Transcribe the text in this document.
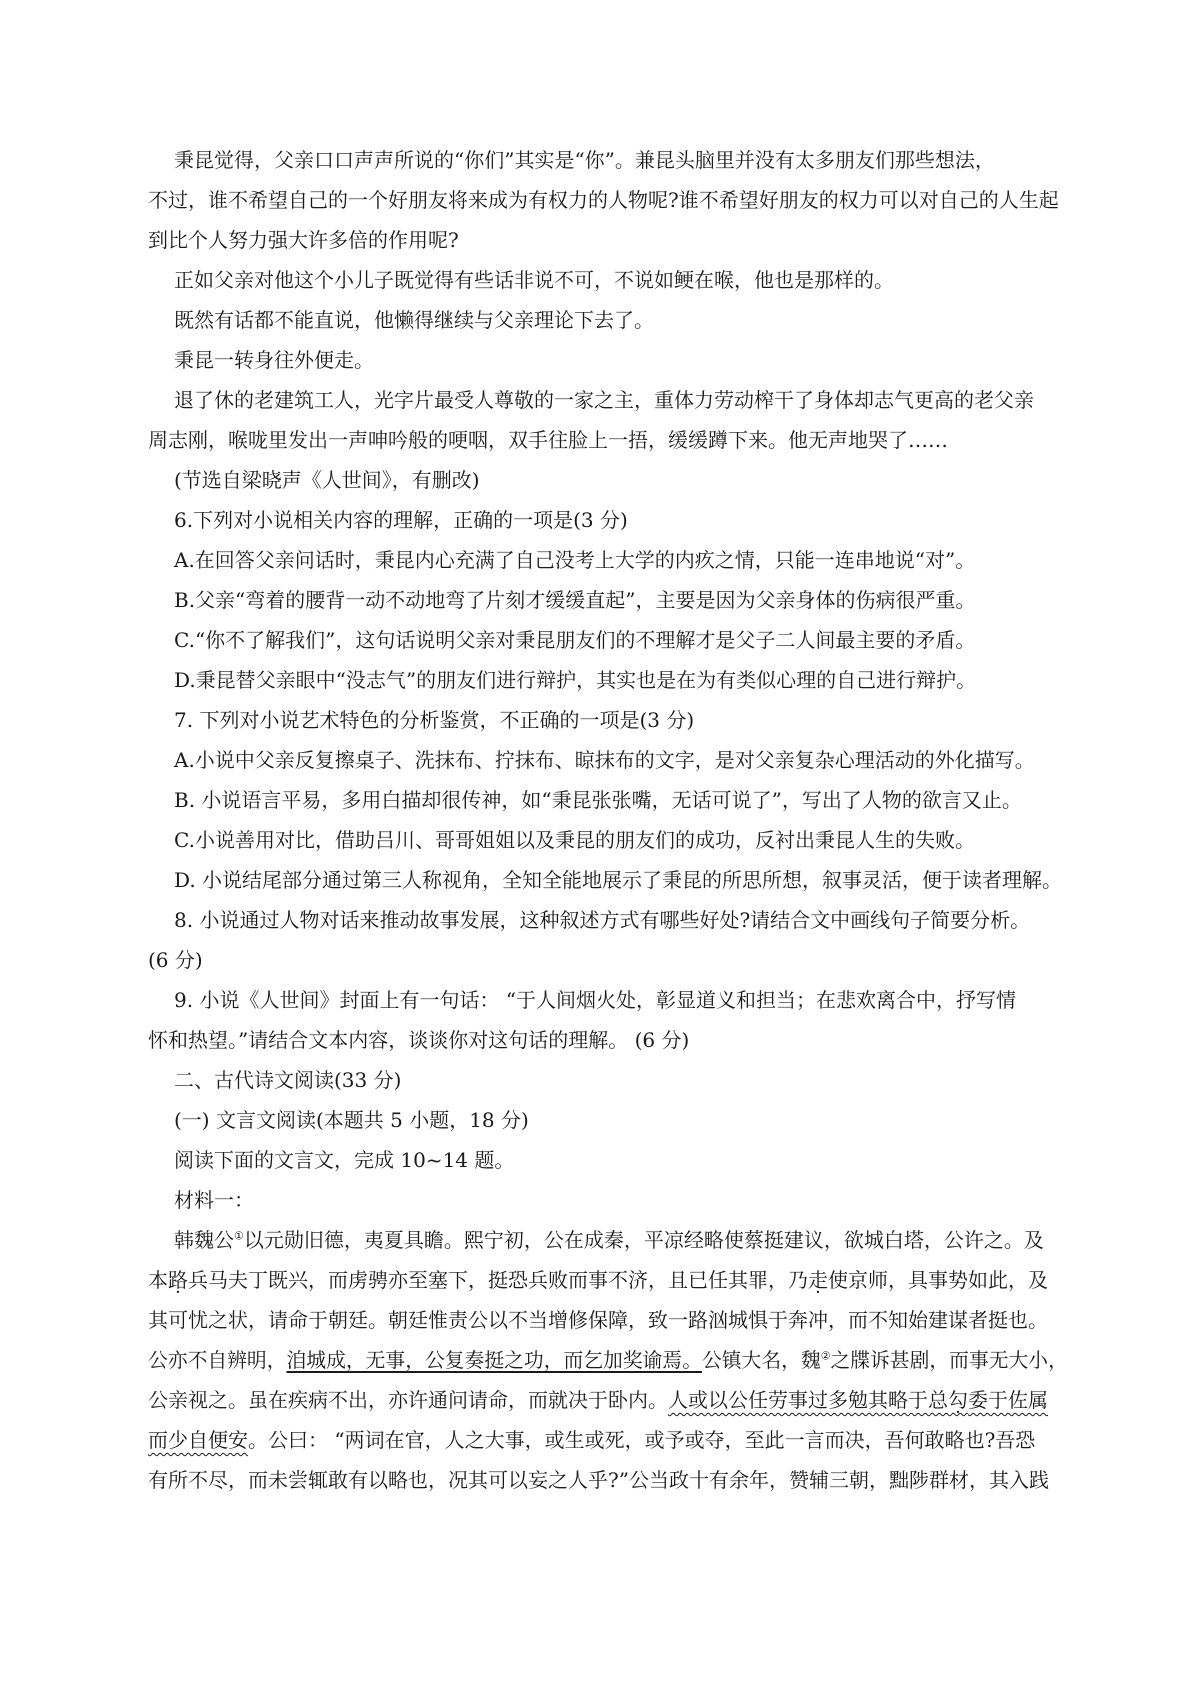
秉昆觉得，父亲口口声声所说的“你们”其实是“你”。兼昆头脑里并没有太多朋友们那些想法，
不过，谁不希望自己的一个好朋友将来成为有权力的人物呢?谁不希望好朋友的权力可以对自己的人生起
到比个人努力强大许多倍的作用呢?
正如父亲对他这个小儿子既觉得有些话非说不可，不说如鲠在喉，他也是那样的。
既然有话都不能直说，他懒得继续与父亲理论下去了。
秉昆一转身往外便走。
退了休的老建筑工人，光字片最受人尊敬的一家之主，重体力劳动榨干了身体却志气更高的老父亲
周志刚，喉咙里发出一声呻吟般的哽咽，双手往脸上一捂，缓缓蹲下来。他无声地哭了……
(节选自梁晓声《人世间》，有删改)
6.下列对小说相关内容的理解，正确的一项是(3 分)
A.在回答父亲问话时，秉昆内心充满了自己没考上大学的内疚之情，只能一连串地说“对”。
B.父亲“弯着的腰背一动不动地弯了片刻才缓缓直起”，主要是因为父亲身体的伤病很严重。
C.“你不了解我们”，这句话说明父亲对秉昆朋友们的不理解才是父子二人间最主要的矛盾。
D.秉昆替父亲眼中“没志气”的朋友们进行辩护，其实也是在为有类似心理的自己进行辩护。
7. 下列对小说艺术特色的分析鉴赏，不正确的一项是(3 分)
A.小说中父亲反复擦桌子、洗抹布、拧抹布、晾抹布的文字，是对父亲复杂心理活动的外化描写。
B. 小说语言平易，多用白描却很传神，如“秉昆张张嘴，无话可说了”，写出了人物的欲言又止。
C.小说善用对比，借助吕川、哥哥姐姐以及秉昆的朋友们的成功，反衬出秉昆人生的失败。
D. 小说结尾部分通过第三人称视角，全知全能地展示了秉昆的所思所想，叙事灵活，便于读者理解。
8. 小说通过人物对话来推动故事发展，这种叙述方式有哪些好处?请结合文中画线句子简要分析。
(6 分)
9. 小说《人世间》封面上有一句话： “于人间烟火处，彰显道义和担当；在悲欢离合中，抒写情
怀和热望。”请结合文本内容，谈谈你对这句话的理解。 (6 分)
二、古代诗文阅读(33 分)
(一) 文言文阅读(本题共 5 小题，18 分)
阅读下面的文言文，完成 10~14 题。
材料一：
韩魏公①以元勋旧德，夷夏具瞻。熙宁初，公在成秦，平凉经略使蔡挺建议，欲城白塔，公许之。及
本路兵马夫丁既兴，而虏骋亦至塞下，挺恐兵败而事不济，且已任其罪，乃走使京师，具事势如此，及
其可忧之状，请命于朝廷。朝廷惟责公以不当增修保障，致一路汹城惧于奔冲，而不知始建谋者挺也。
公亦不自辨明，洎城成，无事，公复奏挺之功，而乞加奖谕焉。公镇大名，魏②之牒诉甚剧，而事无大小，
公亲视之。虽在疾病不出，亦许通问请命，而就决于卧内。人或以公任劳事过多勉其略于总勾委于佐属
而少自便安。公曰： “两词在官，人之大事，或生或死，或予或夺，至此一言而决，吾何敢略也?吾恐
有所不尽，而未尝辄敢有以略也，况其可以妄之人乎?”公当政十有余年，赞辅三朝，黜陟群材，其入践
